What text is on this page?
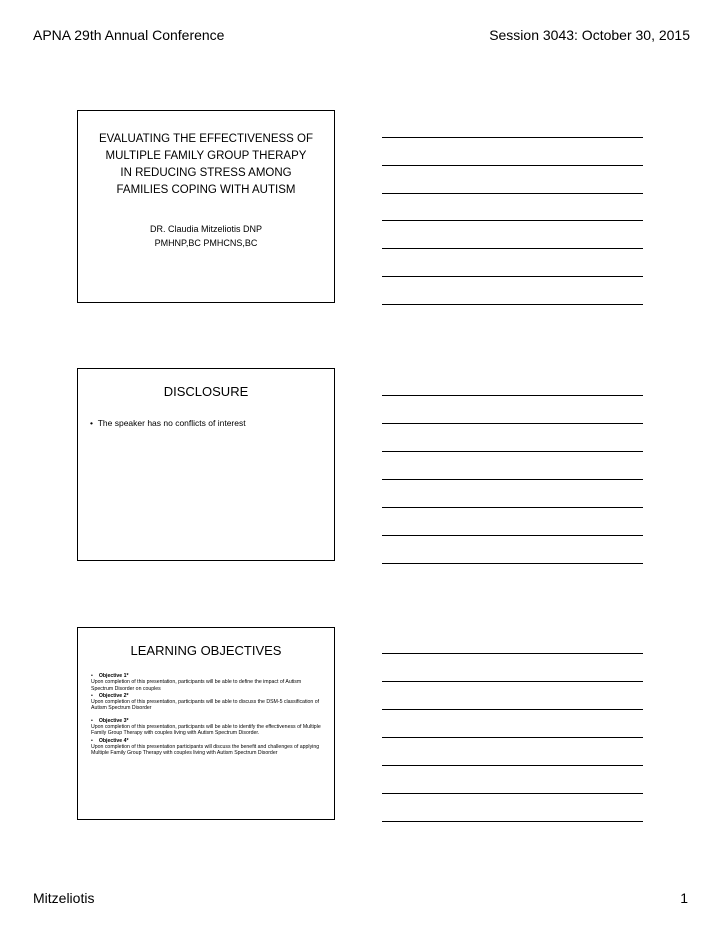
APNA 29th Annual Conference	Session 3043: October 30, 2015
EVALUATING THE EFFECTIVENESS OF
MULTIPLE FAMILY GROUP THERAPY
IN REDUCING STRESS AMONG
FAMILIES COPING WITH AUTISM
DR. Claudia Mitzeliotis DNP
PMHNP,BC PMHCNS,BC
DISCLOSURE
•  The speaker has no conflicts of interest
LEARNING OBJECTIVES
• Objective 1*
Upon completion of this presentation, participants will be able to define the impact of Autism Spectrum Disorder on couples
• Objective 2*
Upon completion of this presentation, participants will be able to discuss the DSM-5 classification of Autism Spectrum Disorder
• Objective 3*
Upon completion of this presentation, participants will be able to identify the effectiveness of Multiple Family Group Therapy with couples living with Autism Spectrum Disorder.
• Objective 4*
Upon completion of this presentation participants will discuss the benefit and challenges of applying Multiple Family Group Therapy with couples living with Autism Spectrum Disorder
Mitzeliotis	1
